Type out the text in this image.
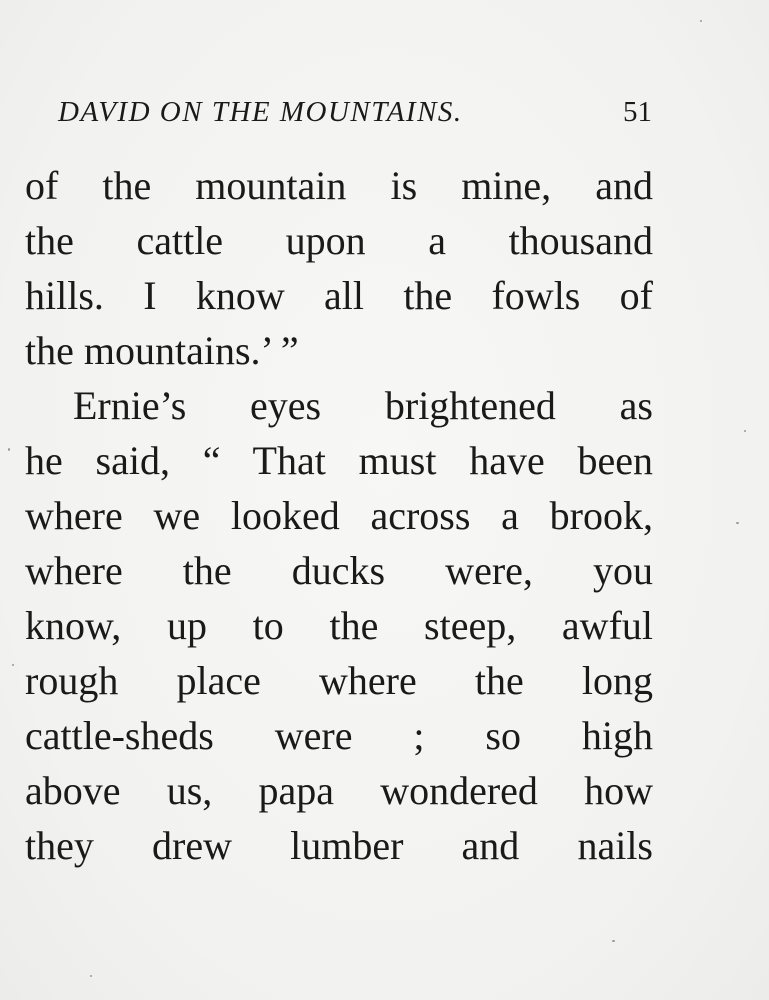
DAVID ON THE MOUNTAINS.	51
of the mountain is mine, and
the cattle upon a thousand
hills. I know all the fowls of
the mountains.’ ”
Ernie’s eyes brightened as
he said, “ That must have been
where we looked across a brook,
where the ducks were, you
know, up to the steep, awful
rough place where the long
cattle-sheds were ; so high
above us, papa wondered how
they drew lumber and nails
